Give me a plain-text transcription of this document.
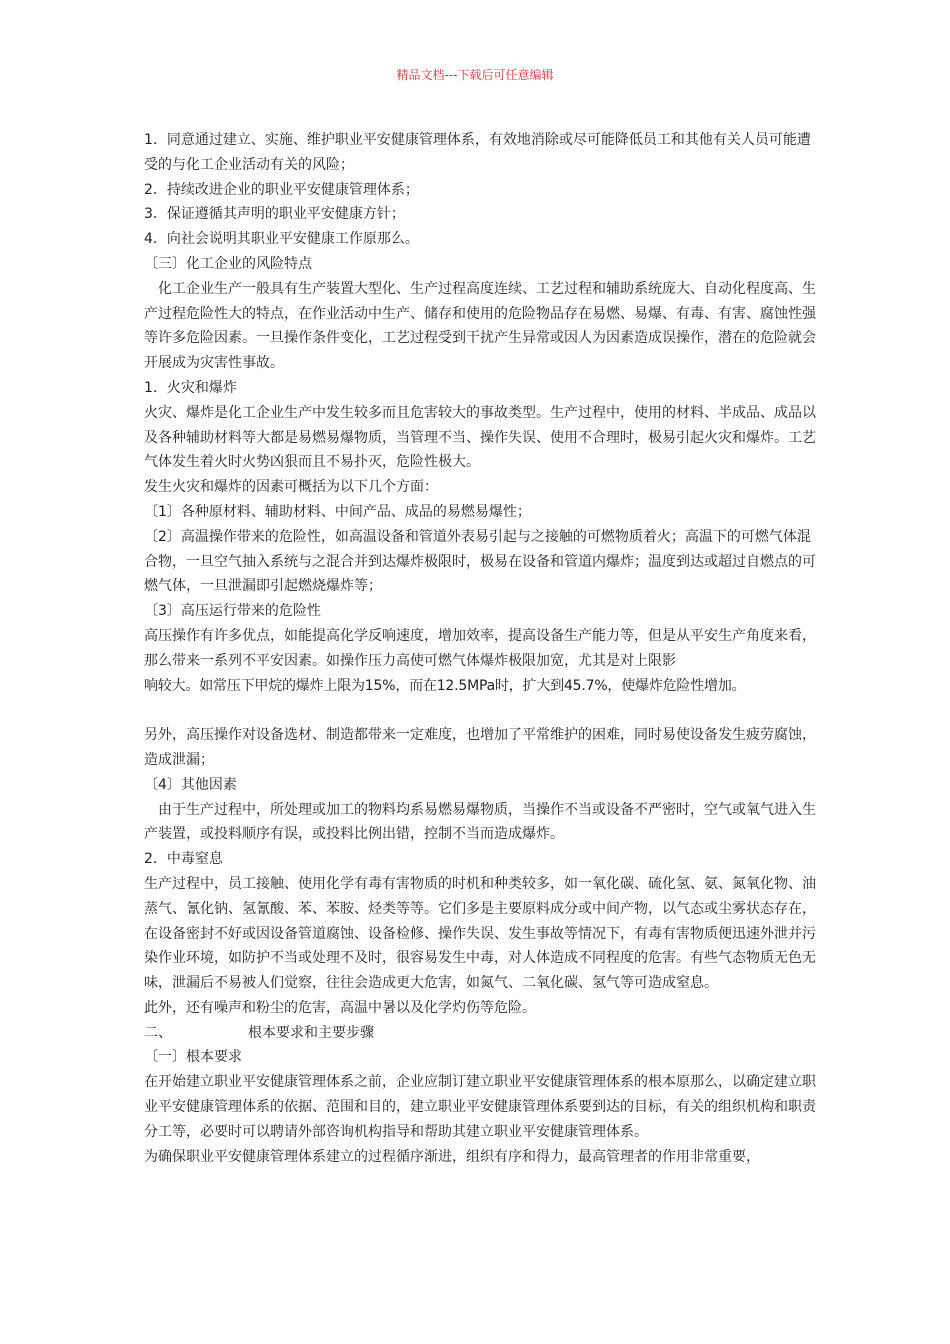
精品文档---下载后可任意编辑

1．同意通过建立、实施、维护职业平安健康管理体系，有效地消除或尽可能降低员工和其他有关人员可能遭受的与化工企业活动有关的风险；

2．持续改进企业的职业平安健康管理体系；

3．保证遵循其声明的职业平安健康方针；

4．向社会说明其职业平安健康工作原那么。

〔三〕化工企业的风险特点

　化工企业生产一般具有生产装置大型化、生产过程高度连续、工艺过程和辅助系统庞大、自动化程度高、生产过程危险性大的特点，在作业活动中生产、储存和使用的危险物品存在易燃、易爆、有毒、有害、腐蚀性强等许多危险因素。一旦操作条件变化，工艺过程受到干扰产生异常或因人为因素造成误操作，潜在的危险就会开展成为灾害性事故。

1．火灾和爆炸

火灾、爆炸是化工企业生产中发生较多而且危害较大的事故类型。生产过程中，使用的材料、半成品、成品以及各种辅助材料等大都是易燃易爆物质，当管理不当、操作失误、使用不合理时，极易引起火灾和爆炸。工艺气体发生着火时火势凶狠而且不易扑灭，危险性极大。

发生火灾和爆炸的因素可概括为以下几个方面：

〔1〕各种原材料、辅助材料、中间产品、成品的易燃易爆性；

〔2〕高温操作带来的危险性，如高温设备和管道外表易引起与之接触的可燃物质着火；高温下的可燃气体混合物，一旦空气抽入系统与之混合并到达爆炸极限时，极易在设备和管道内爆炸；温度到达或超过自燃点的可燃气体，一旦泄漏即引起燃烧爆炸等；

〔3〕高压运行带来的危险性

高压操作有许多优点，如能提高化学反响速度，增加效率，提高设备生产能力等，但是从平安生产角度来看，那么带来一系列不平安因素。如操作压力高使可燃气体爆炸极限加宽，尤其是对上限影

响较大。如常压下甲烷的爆炸上限为15%，而在12.5MPa时，扩大到45.7%，使爆炸危险性增加。

另外，高压操作对设备选材、制造都带来一定难度，也增加了平常维护的困难，同时易使设备发生疲劳腐蚀，造成泄漏；

〔4〕其他因素

　由于生产过程中，所处理或加工的物料均系易燃易爆物质，当操作不当或设备不严密时，空气或氧气进入生产装置，或投料顺序有误，或投料比例出错，控制不当而造成爆炸。

2．中毒窒息

生产过程中，员工接触、使用化学有毒有害物质的时机和种类较多，如一氧化碳、硫化氢、氨、氮氧化物、油蒸气、氰化钠、氢氰酸、苯、苯胺、烃类等等。它们多是主要原料成分或中间产物，以气态或尘雾状态存在，在设备密封不好或因设备管道腐蚀、设备检修、操作失误、发生事故等情况下，有毒有害物质便迅速外泄并污染作业环境，如防护不当或处理不及时，很容易发生中毒，对人体造成不同程度的危害。有些气态物质无色无味，泄漏后不易被人们觉察，往往会造成更大危害，如氮气、二氧化碳、氢气等可造成窒息。

此外，还有噪声和粉尘的危害，高温中暑以及化学灼伤等危险。

二、	根本要求和主要步骤

〔一〕根本要求

在开始建立职业平安健康管理体系之前，企业应制订建立职业平安健康管理体系的根本原那么，以确定建立职业平安健康管理体系的依据、范围和目的，建立职业平安健康管理体系要到达的目标，有关的组织机构和职责分工等，必要时可以聘请外部咨询机构指导和帮助其建立职业平安健康管理体系。

为确保职业平安健康管理体系建立的过程循序渐进，组织有序和得力，最高管理者的作用非常重要，
